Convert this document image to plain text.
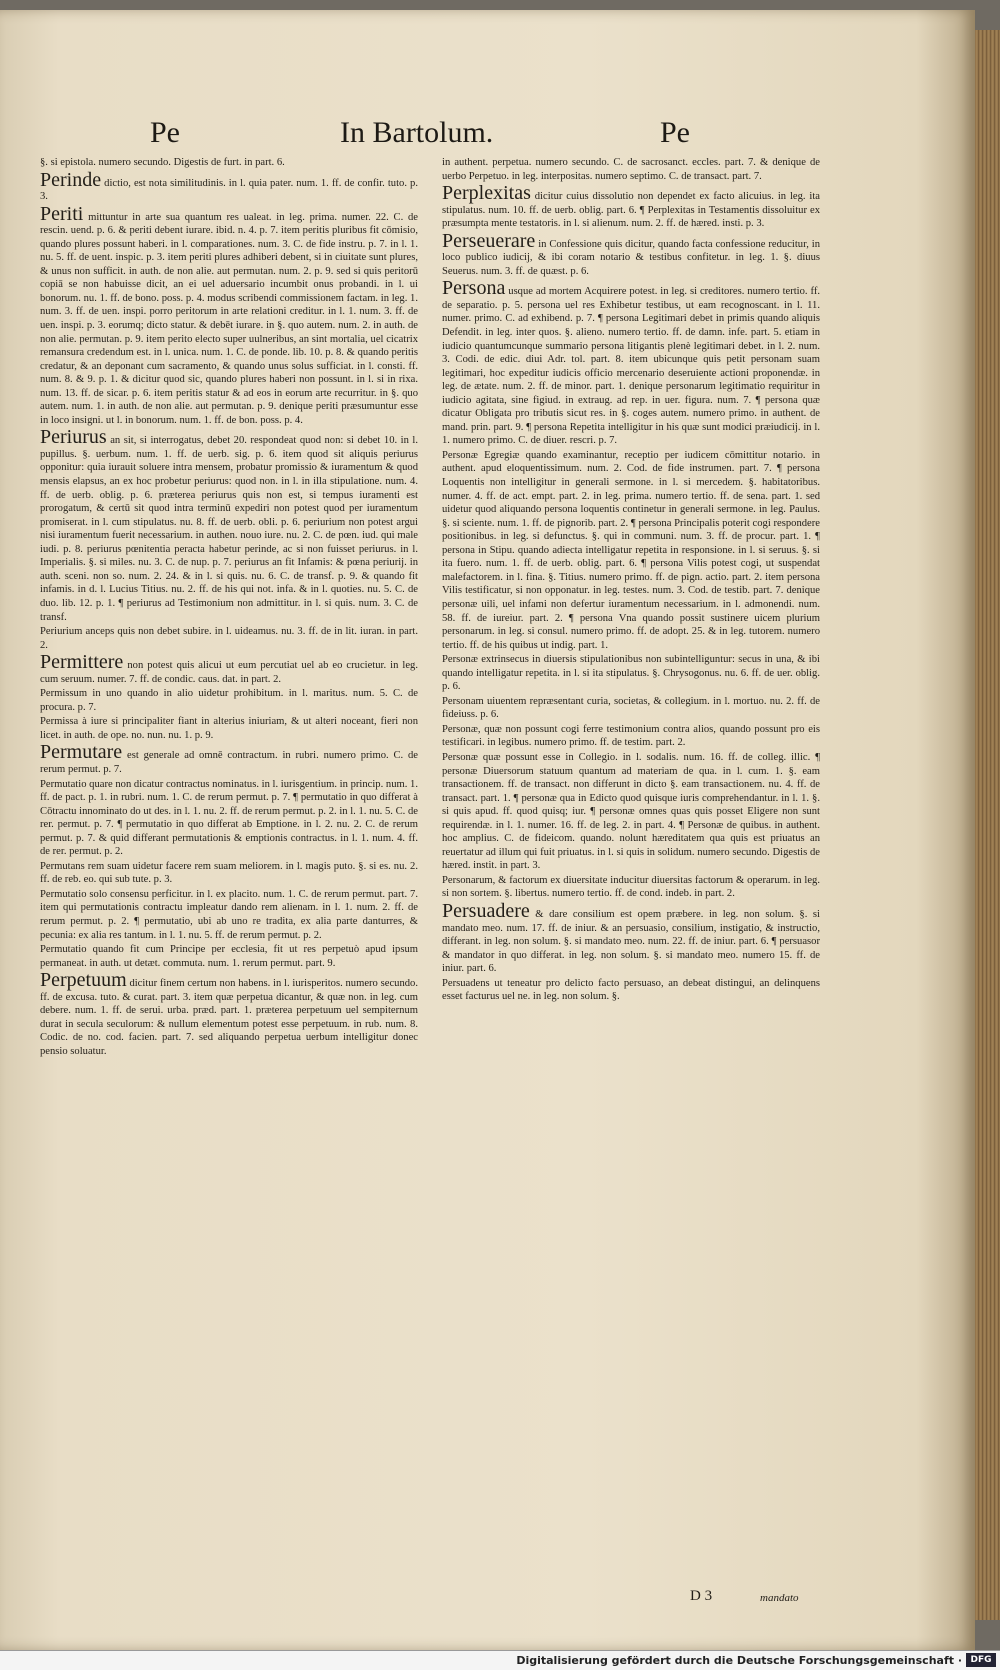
Pe	In Bartolum.	Pe
§. si epistola. numero secundo. Digestis de furt. in part. 6.
Perinde dictio, est nota similitudinis. in l. quia pater. num. 1. ff. de confir. tuto. p. 3.
Periti mittuntur in arte sua quantum res ualeat. in leg. prima. numer. 22. C. de rescin. uend. p. 6. & periti debent iurare. ibid. n. 4. p. 7. item peritis pluribus fit cōmisio, quando plures possunt haberi. in l. comparationes. num. 3. C. de fide instru. p. 7. in l. 1. nu. 5. ff. de uent. inspic. p. 3. item periti plures adhiberi debent, si in ciuitate sunt plures, & unus non sufficit. in auth. de non alie. aut permutan. num. 2. p. 9. sed si quis peritorū copiā se non habuisse dicit, an ei uel aduersario incumbit onus probandi. in l. ui bonorum. nu. 1. ff. de bono. poss. p. 4. modus scribendi commissionem factam. in leg. 1. num. 3. ff. de uen. inspi. porro peritorum in arte relationi creditur. in l. 1. num. 3. ff. de uen. inspi. p. 3. eorumq; dicto statur. & debēt iurare. in §. quo autem. num. 2. in auth. de non alie. permutan. p. 9. item perito electo super uulneribus, an sint mortalia, uel cicatrix remansura credendum est. in l. unica. num. 1. C. de ponde. lib. 10. p. 8. & quando peritis credatur, & an deponant cum sacramento, & quando unus solus sufficiat. in l. consti. ff. num. 8. & 9. p. 1. & dicitur quod sic, quando plures haberi non possunt. in l. si in rixa. num. 13. ff. de sicar. p. 6. item peritis statur & ad eos in eorum arte recurritur. in §. quo autem. num. 1. in auth. de non alie. aut permutan. p. 9. denique periti præsumuntur esse in loco insigni. ut l. in bonorum. num. 1. ff. de bon. poss. p. 4.
Periurus an sit, si interrogatus, debet 20. respondeat quod non: si debet 10. in l. pupillus. §. uerbum. num. 1. ff. de uerb. sig. p. 6. item quod sit aliquis periurus opponitur: quia iurauit soluere intra mensem, probatur promissio & iuramentum & quod mensis elapsus, an ex hoc probetur periurus: quod non. in l. in illa stipulatione. num. 4. ff. de uerb. oblig. p. 6. præterea periurus quis non est, si tempus iuramenti est prorogatum, & certū sit quod intra terminū expediri non potest quod per iuramentum promiserat. in l. cum stipulatus. nu. 8. ff. de uerb. obli. p. 6. periurium non potest argui nisi iuramentum fuerit necessarium. in authen. nouo iure. nu. 2. C. de pœn. iud. qui male iudi. p. 8. periurus pœnitentia peracta habetur perinde, ac si non fuisset periurus. in l. Imperialis. §. si miles. nu. 3. C. de nup. p. 7. periurus an fit Infamis: & pœna periurij. in auth. sceni. non so. num. 2. 24. & in l. si quis. nu. 6. C. de transf. p. 9. & quando fit infamis. in d. l. Lucius Titius. nu. 2. ff. de his qui not. infa. & in l. quoties. nu. 5. C. de duo. lib. 12. p. 1. ¶ periurus ad Testimonium non admittitur. in l. si quis. num. 3. C. de transf.
Periurium anceps quis non debet subire. in l. uideamus. nu. 3. ff. de in lit. iuran. in part. 2.
Permittere non potest quis alicui ut eum percutiat uel ab eo crucietur. in leg. cum seruum. numer. 7. ff. de condic. caus. dat. in part. 2.
Permissum in uno quando in alio uidetur prohibitum. in l. maritus. num. 5. C. de procura. p. 7.
Permissa à iure si principaliter fiant in alterius iniuriam, & ut alteri noceant, fieri non licet. in auth. de ope. no. nun. nu. 1. p. 9.
Permutare est generale ad omnē contractum. in rubri. numero primo. C. de rerum permut. p. 7.
Permutatio quare non dicatur contractus nominatus. in l. iurisgentium. in princip. num. 1. ff. de pact. p. 1. in rubri. num. 1. C. de rerum permut. p. 7. ¶ permutatio in quo differat à Cōtractu innominato do ut des. in l. 1. nu. 2. ff. de rerum permut. p. 2. in l. 1. nu. 5. C. de rer. permut. p. 7. ¶ permutatio in quo differat ab Emptione. in l. 2. nu. 2. C. de rerum permut. p. 7. & quid differant permutationis & emptionis contractus. in l. 1. num. 4. ff. de rer. permut. p. 2.
Permutans rem suam uidetur facere rem suam meliorem. in l. magis puto. §. si es. nu. 2. ff. de reb. eo. qui sub tute. p. 3.
Permutatio solo consensu perficitur. in l. ex placito. num. 1. C. de rerum permut. part. 7. item qui permutationis contractu impleatur dando rem alienam. in l. 1. num. 2. ff. de rerum permut. p. 2. ¶ permutatio, ubi ab uno re tradita, ex alia parte danturres, & pecunia: ex alia res tantum. in l. 1. nu. 5. ff. de rerum permut. p. 2.
Permutatio quando fit cum Principe per ecclesia, fit ut res perpetuò apud ipsum permaneat. in auth. ut detæt. commuta. num. 1. rerum permut. part. 9.
Perpetuum dicitur finem certum non habens. in l. iurisperitos. numero secundo. ff. de excusa. tuto. & curat. part. 3. item quæ perpetua dicantur, & quæ non. in leg. cum debere. num. 1. ff. de serui. urba. præd. part. 1. præterea perpetuum uel sempiternum durat in secula seculorum: & nullum elementum potest esse perpetuum. in rub. num. 8. Codic. de no. cod. facien. part. 7. sed aliquando perpetua uerbum intelligitur donec pensio soluatur.
in authent. perpetua. numero secundo. C. de sacrosanct. eccles. part. 7. & denique de uerbo Perpetuo. in leg. interpositas. numero septimo. C. de transact. part. 7.
Perplexitas dicitur cuius dissolutio non dependet ex facto alicuius. in leg. ita stipulatus. num. 10. ff. de uerb. oblig. part. 6. ¶ Perplexitas in Testamentis dissoluitur ex præsumpta mente testatoris. in l. si alienum. num. 2. ff. de hæred. insti. p. 3.
Perseuerare in Confessione quis dicitur, quando facta confessione reducitur, in loco publico iudicij, & ibi coram notario & testibus confitetur. in leg. 1. §. diuus Seuerus. num. 3. ff. de quæst. p. 6.
Persona usque ad mortem Acquirere potest. in leg. si creditores. numero tertio. ff. de separatio. p. 5. persona uel res Exhibetur testibus, ut eam recognoscant. in l. 11. numer. primo. C. ad exhibend. p. 7. ¶ persona Legitimari debet in primis quando aliquis Defendit. in leg. inter quos. §. alieno. numero tertio. ff. de damn. infe. part. 5. etiam in iudicio quantumcunque summario persona litigantis plenè legitimari debet. in l. 2. num. 3. Codi. de edic. diui Adr. tol. part. 8. item ubicunque quis petit personam suam legitimari, hoc expeditur iudicis officio mercenario deseruiente actioni proponendæ. in leg. de ætate. num. 2. ff. de minor. part. 1. denique personarum legitimatio requiritur in iudicio agitata, sine figiud. in extraug. ad rep. in uer. figura. num. 7. ¶ persona quæ dicatur Obligata pro tributis sicut res. in §. coges autem. numero primo. in authent. de mand. prin. part. 9. ¶ persona Repetita intelligitur in his quæ sunt modici præiudicij. in l. 1. numero primo. C. de diuer. rescri. p. 7.
Personæ Egregiæ quando examinantur, receptio per iudicem cōmittitur notario. in authent. apud eloquentissimum. num. 2. Cod. de fide instrumen. part. 7. ¶ persona Loquentis non intelligitur in generali sermone. in l. si mercedem. §. habitatoribus. numer. 4. ff. de act. empt. part. 2. in leg. prima. numero tertio. ff. de sena. part. 1. sed uidetur quod aliquando persona loquentis continetur in generali sermone. in leg. Paulus. §. si sciente. num. 1. ff. de pignorib. part. 2. ¶ persona Principalis poterit cogi respondere positionibus. in leg. si defunctus. §. qui in communi. num. 3. ff. de procur. part. 1. ¶ persona in Stipu. quando adiecta intelligatur repetita in responsione. in l. si seruus. §. si ita fuero. num. 1. ff. de uerb. oblig. part. 6. ¶ persona Vilis potest cogi, ut suspendat malefactorem. in l. fina. §. Titius. numero primo. ff. de pign. actio. part. 2. item persona Vilis testificatur, si non opponatur. in leg. testes. num. 3. Cod. de testib. part. 7. denique personæ uili, uel infami non defertur iuramentum necessarium. in l. admonendi. num. 58. ff. de iureiur. part. 2. ¶ persona Vna quando possit sustinere uicem plurium personarum. in leg. si consul. numero primo. ff. de adopt. 25. & in leg. tutorem. numero tertio. ff. de his quibus ut indig. part. 1.
Personæ extrinsecus in diuersis stipulationibus non subintelliguntur: secus in una, & ibi quando intelligatur repetita. in l. si ita stipulatus. §. Chrysogonus. nu. 6. ff. de uer. oblig. p. 6.
Personam uiuentem repræsentant curia, societas, & collegium. in l. mortuo. nu. 2. ff. de fideiuss. p. 6.
Personæ, quæ non possunt cogi ferre testimonium contra alios, quando possunt pro eis testificari. in legibus. numero primo. ff. de testim. part. 2.
Personæ quæ possunt esse in Collegio. in l. sodalis. num. 16. ff. de colleg. illic. ¶ personæ Diuersorum statuum quantum ad materiam de qua. in l. cum. 1. §. eam transactionem. ff. de transact. non differunt in dicto §. eam transactionem. nu. 4. ff. de transact. part. 1. ¶ personæ qua in Edicto quod quisque iuris comprehendantur. in l. 1. §. si quis apud. ff. quod quisq; iur. ¶ personæ omnes quas quis posset Eligere non sunt requirendæ. in l. 1. numer. 16. ff. de leg. 2. in part. 4. ¶ Personæ de quibus. in authent. hoc amplius. C. de fideicom. quando. nolunt hæreditatem qua quis est priuatus an reuertatur ad illum qui fuit priuatus. in l. si quis in solidum. numero secundo. Digestis de hæred. instit. in part. 3.
Personarum, & factorum ex diuersitate inducitur diuersitas factorum & operarum. in leg. si non sortem. §. libertus. numero tertio. ff. de cond. indeb. in part. 2.
Persuadere & dare consilium est opem præbere. in leg. non solum. §. si mandato meo. num. 17. ff. de iniur. & an persuasio, consilium, instigatio, & instructio, differant. in leg. non solum. §. si mandato meo. num. 22. ff. de iniur. part. 6. ¶ persuasor & mandator in quo differat. in leg. non solum. §. si mandato meo. numero 15. ff. de iniur. part. 6.
Persuadens ut teneatur pro delicto facto persuaso, an debeat distingui, an delinquens esset facturus uel ne. in leg. non solum. §.
D 3	mandato
Digitalisierung gefördert durch die Deutsche Forschungsgemeinschaft · DFG
